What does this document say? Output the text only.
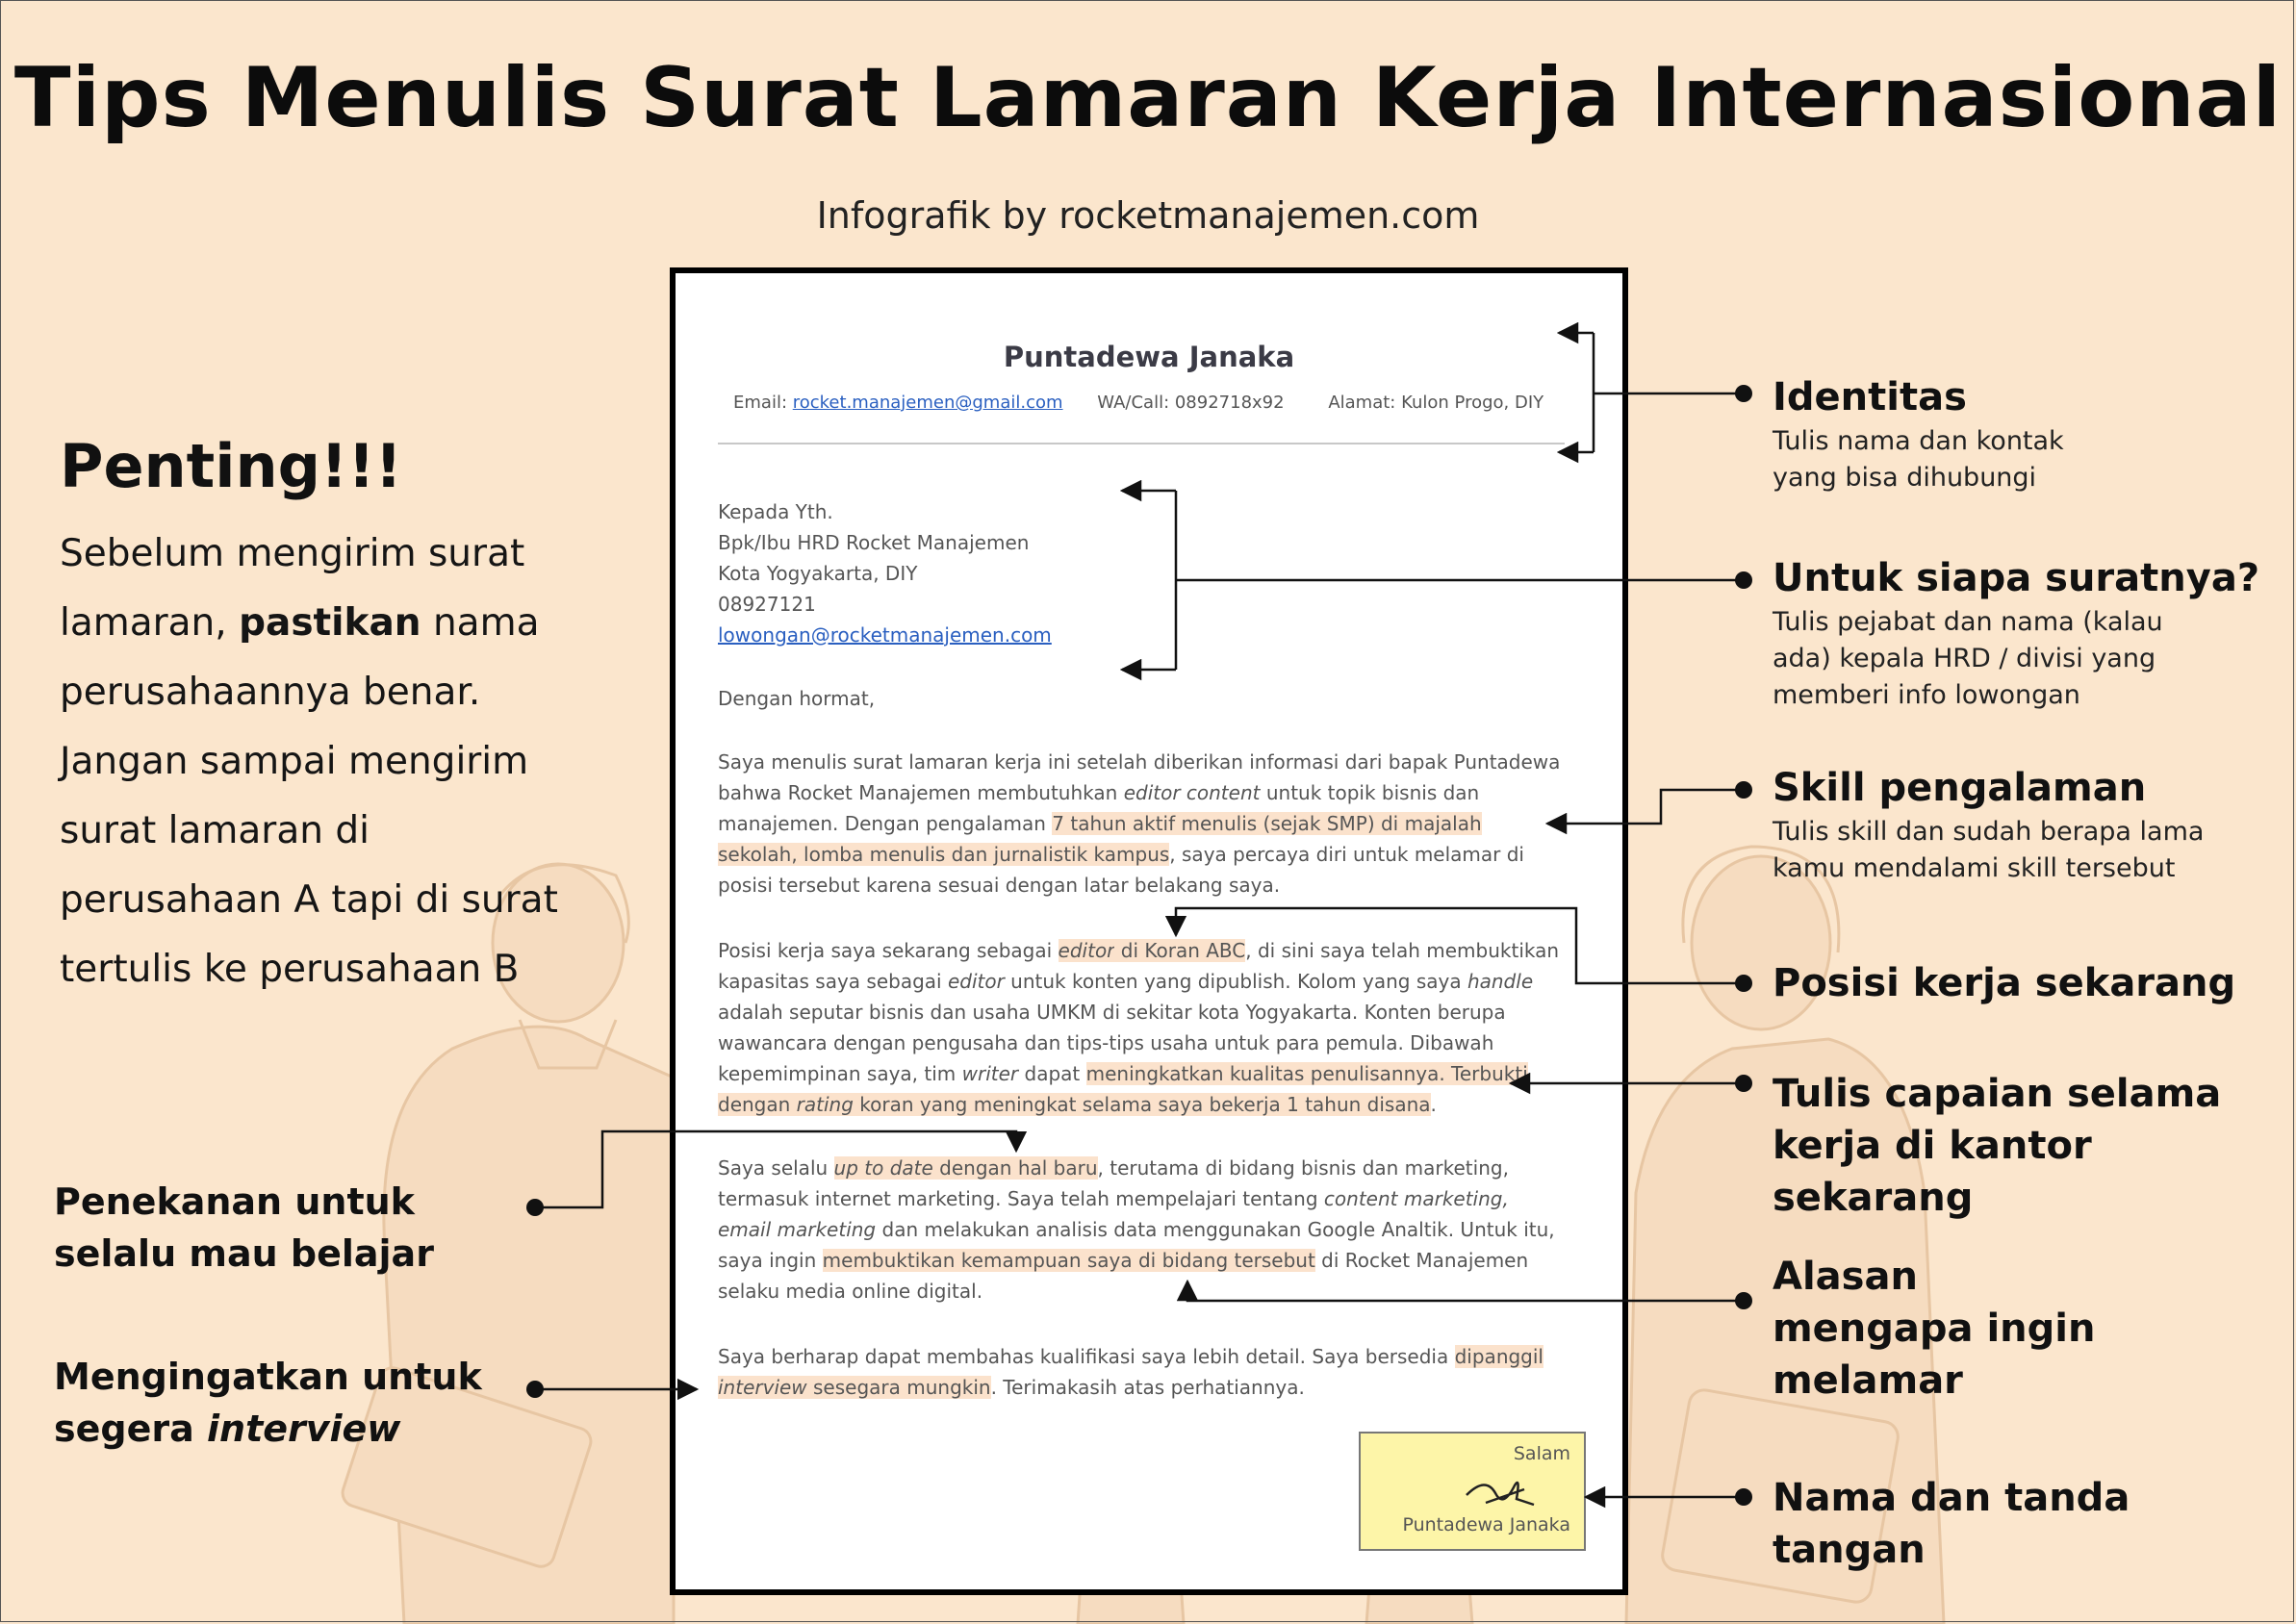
Tips Menulis Surat Lamaran Kerja Internasional
Infografik by rocketmanajemen.com
Penting!!!
Sebelum mengirim surat lamaran, pastikan nama perusahaannya benar. Jangan sampai mengirim surat lamaran di perusahaan A tapi di surat tertulis ke perusahaan B
Penekanan untuk selalu mau belajar
Mengingatkan untuk segera interview
Identitas
Tulis nama dan kontak yang bisa dihubungi
Untuk siapa suratnya?
Tulis pejabat dan nama (kalau ada) kepala HRD / divisi yang memberi info lowongan
Skill pengalaman
Tulis skill dan sudah berapa lama kamu mendalami skill tersebut
Posisi kerja sekarang
Tulis capaian selama kerja di kantor sekarang
Alasan mengapa ingin melamar
Nama dan tanda tangan
Puntadewa Janaka
Email: rocket.manajemen@gmail.com WA/Call: 0892718x92	Alamat: Kulon Progo, DIY
Kepada Yth.
Bpk/Ibu HRD Rocket Manajemen
Kota Yogyakarta, DIY
08927121
lowongan@rocketmanajemen.com
Dengan hormat,
Saya menulis surat lamaran kerja ini setelah diberikan informasi dari bapak Puntadewa bahwa Rocket Manajemen membutuhkan editor content untuk topik bisnis dan manajemen. Dengan pengalaman 7 tahun aktif menulis (sejak SMP) di majalah sekolah, lomba menulis dan jurnalistik kampus, saya percaya diri untuk melamar di posisi tersebut karena sesuai dengan latar belakang saya.
Posisi kerja saya sekarang sebagai editor di Koran ABC, di sini saya telah membuktikan kapasitas saya sebagai editor untuk konten yang dipublish. Kolom yang saya handle adalah seputar bisnis dan usaha UMKM di sekitar kota Yogyakarta. Konten berupa wawancara dengan pengusaha dan tips-tips usaha untuk para pemula. Dibawah kepemimpinan saya, tim writer dapat meningkatkan kualitas penulisannya. Terbukti dengan rating koran yang meningkat selama saya bekerja 1 tahun disana.
Saya selalu up to date dengan hal baru, terutama di bidang bisnis dan marketing, termasuk internet marketing. Saya telah mempelajari tentang content marketing, email marketing dan melakukan analisis data menggunakan Google Analtik. Untuk itu, saya ingin membuktikan kemampuan saya di bidang tersebut di Rocket Manajemen selaku media online digital.
Saya berharap dapat membahas kualifikasi saya lebih detail. Saya bersedia dipanggil interview sesegara mungkin. Terimakasih atas perhatiannya.
Salam
Puntadewa Janaka
